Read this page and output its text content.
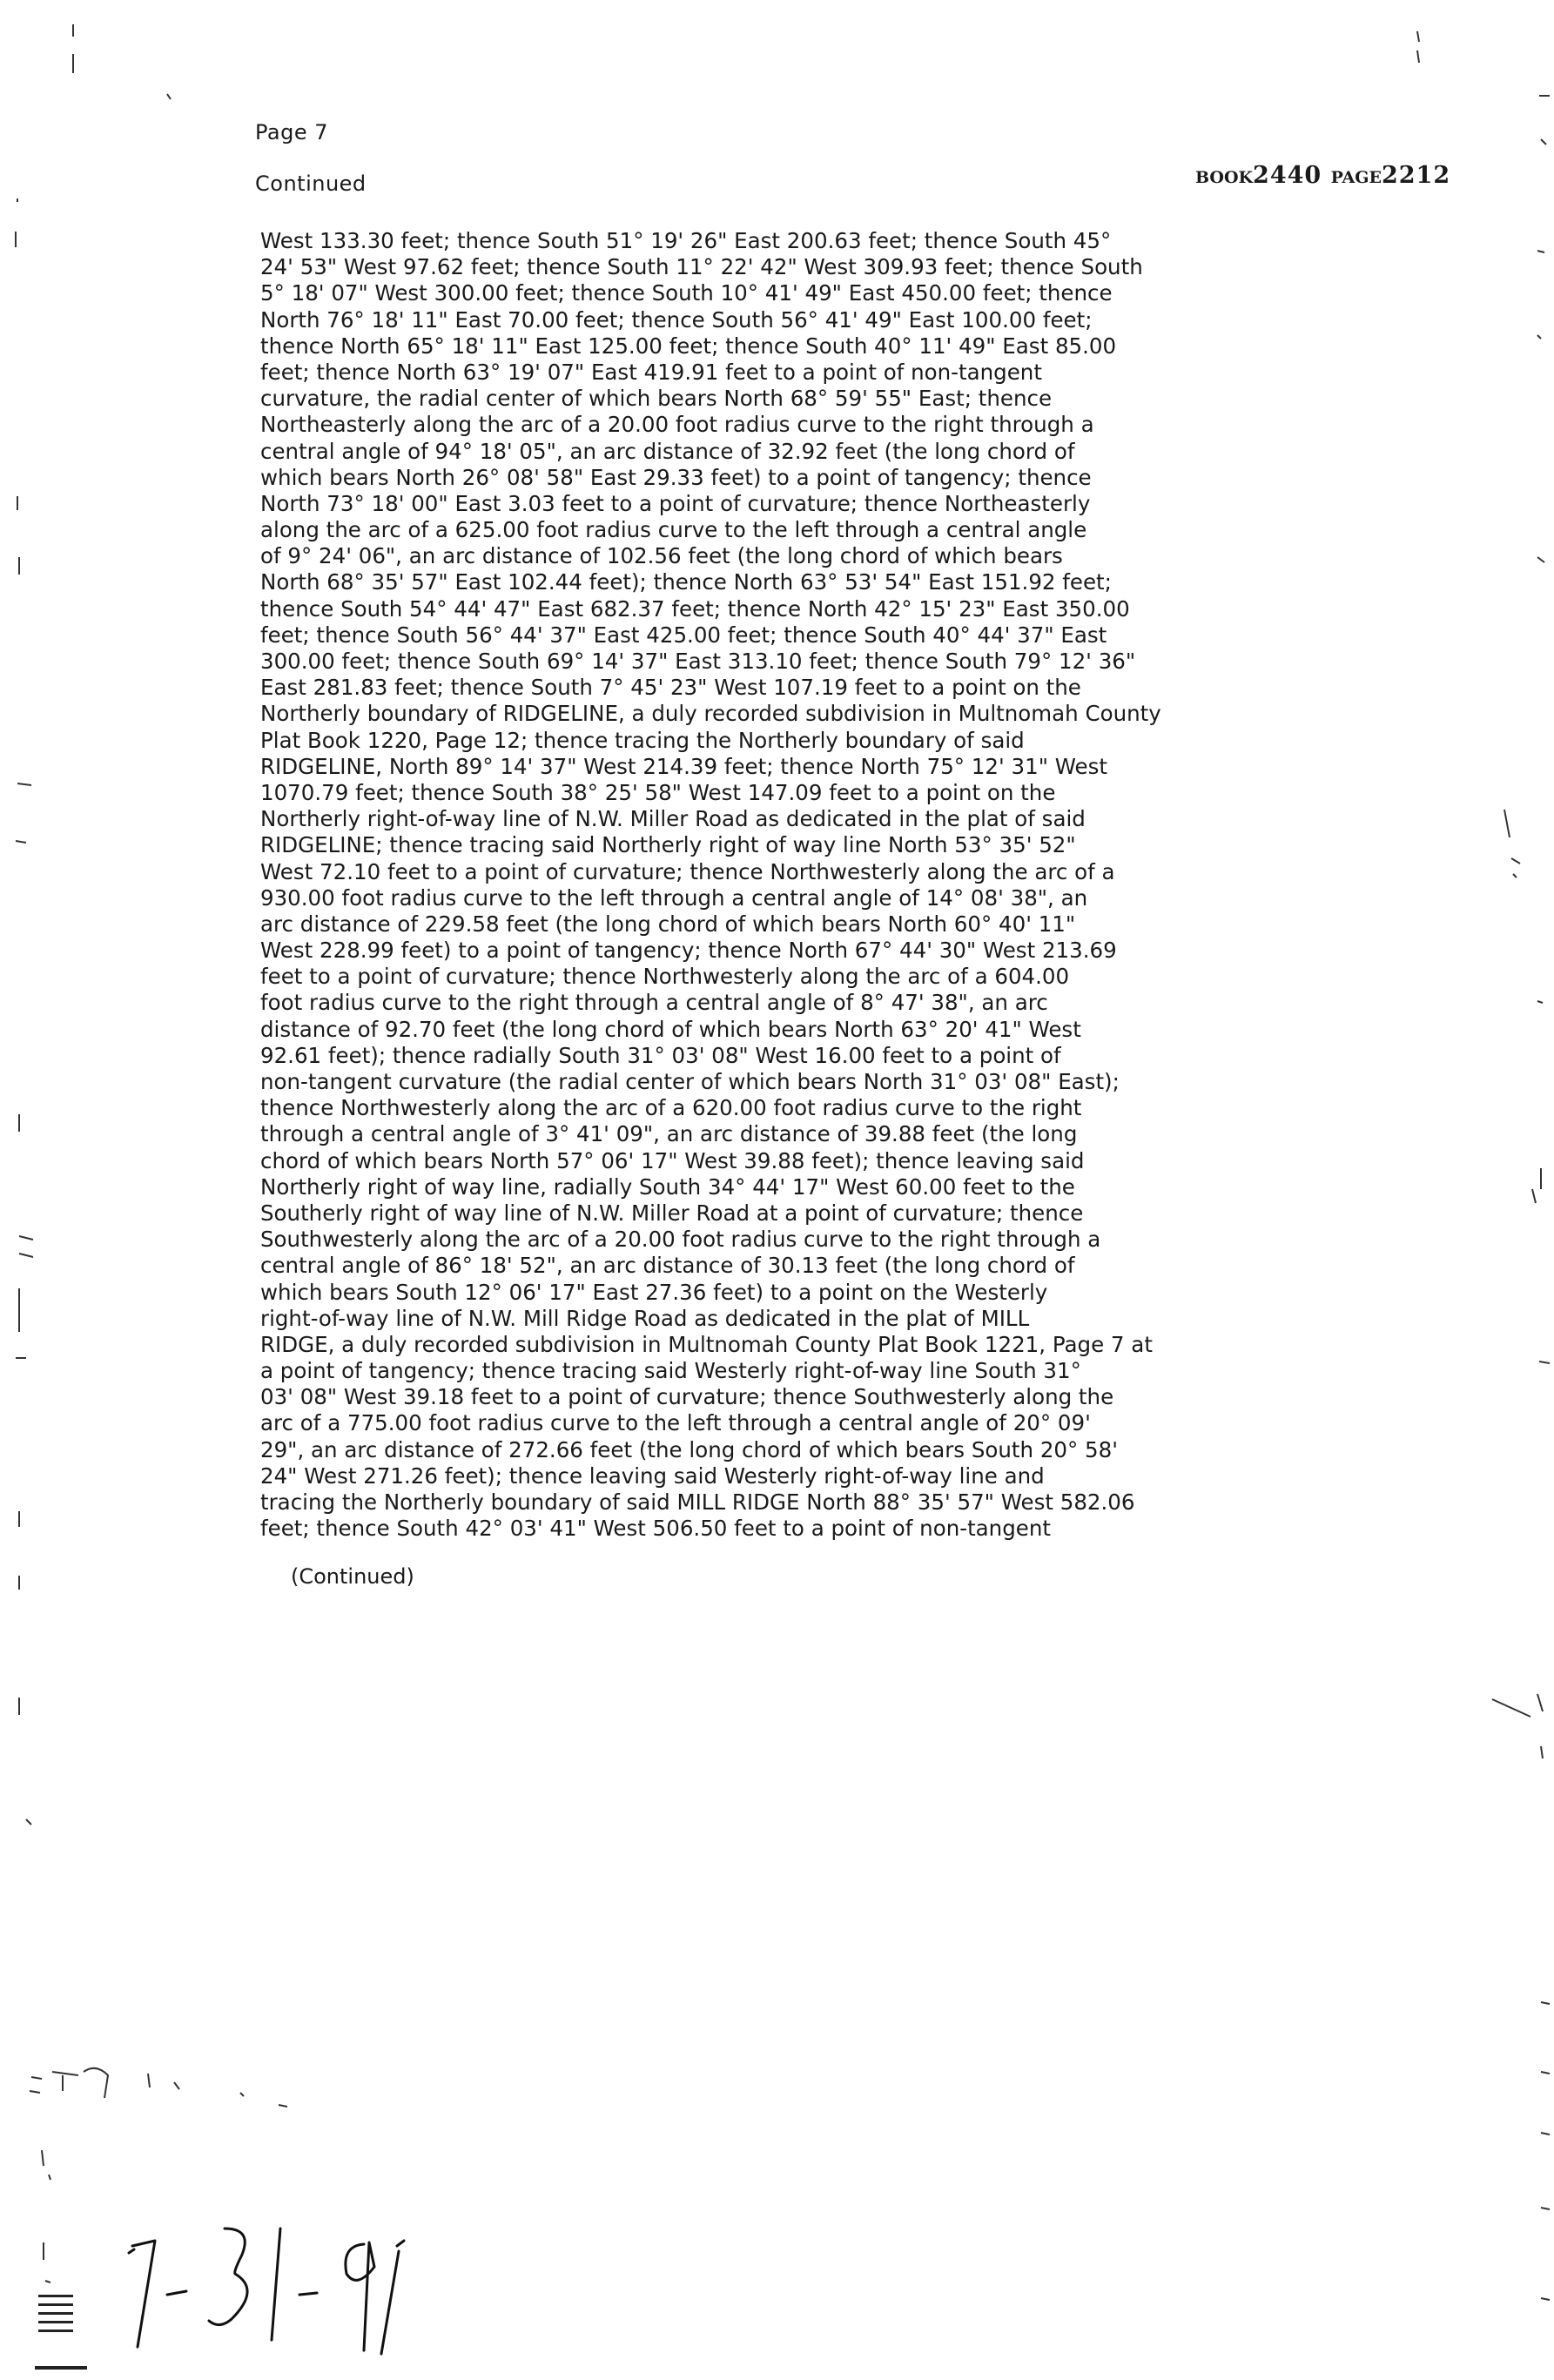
Page 7
Continued	BOOK2440 PAGE2212
West 133.30 feet; thence South 51° 19' 26" East 200.63 feet; thence South 45°
24' 53" West 97.62 feet; thence South 11° 22' 42" West 309.93 feet; thence South
5° 18' 07" West 300.00 feet; thence South 10° 41' 49" East 450.00 feet; thence
North 76° 18' 11" East 70.00 feet; thence South 56° 41' 49" East 100.00 feet;
thence North 65° 18' 11" East 125.00 feet; thence South 40° 11' 49" East 85.00
feet; thence North 63° 19' 07" East 419.91 feet to a point of non-tangent
curvature, the radial center of which bears North 68° 59' 55" East; thence
Northeasterly along the arc of a 20.00 foot radius curve to the right through a
central angle of 94° 18' 05", an arc distance of 32.92 feet (the long chord of
which bears North 26° 08' 58" East 29.33 feet) to a point of tangency; thence
North 73° 18' 00" East 3.03 feet to a point of curvature; thence Northeasterly
along the arc of a 625.00 foot radius curve to the left through a central angle
of 9° 24' 06", an arc distance of 102.56 feet (the long chord of which bears
North 68° 35' 57" East 102.44 feet); thence North 63° 53' 54" East 151.92 feet;
thence South 54° 44' 47" East 682.37 feet; thence North 42° 15' 23" East 350.00
feet; thence South 56° 44' 37" East 425.00 feet; thence South 40° 44' 37" East
300.00 feet; thence South 69° 14' 37" East 313.10 feet; thence South 79° 12' 36"
East 281.83 feet; thence South 7° 45' 23" West 107.19 feet to a point on the
Northerly boundary of RIDGELINE, a duly recorded subdivision in Multnomah County
Plat Book 1220, Page 12; thence tracing the Northerly boundary of said
RIDGELINE, North 89° 14' 37" West 214.39 feet; thence North 75° 12' 31" West
1070.79 feet; thence South 38° 25' 58" West 147.09 feet to a point on the
Northerly right-of-way line of N.W. Miller Road as dedicated in the plat of said
RIDGELINE; thence tracing said Northerly right of way line North 53° 35' 52"
West 72.10 feet to a point of curvature; thence Northwesterly along the arc of a
930.00 foot radius curve to the left through a central angle of 14° 08' 38", an
arc distance of 229.58 feet (the long chord of which bears North 60° 40' 11"
West 228.99 feet) to a point of tangency; thence North 67° 44' 30" West 213.69
feet to a point of curvature; thence Northwesterly along the arc of a 604.00
foot radius curve to the right through a central angle of 8° 47' 38", an arc
distance of 92.70 feet (the long chord of which bears North 63° 20' 41" West
92.61 feet); thence radially South 31° 03' 08" West 16.00 feet to a point of
non-tangent curvature (the radial center of which bears North 31° 03' 08" East);
thence Northwesterly along the arc of a 620.00 foot radius curve to the right
through a central angle of 3° 41' 09", an arc distance of 39.88 feet (the long
chord of which bears North 57° 06' 17" West 39.88 feet); thence leaving said
Northerly right of way line, radially South 34° 44' 17" West 60.00 feet to the
Southerly right of way line of N.W. Miller Road at a point of curvature; thence
Southwesterly along the arc of a 20.00 foot radius curve to the right through a
central angle of 86° 18' 52", an arc distance of 30.13 feet (the long chord of
which bears South 12° 06' 17" East 27.36 feet) to a point on the Westerly
right-of-way line of N.W. Mill Ridge Road as dedicated in the plat of MILL
RIDGE, a duly recorded subdivision in Multnomah County Plat Book 1221, Page 7 at
a point of tangency; thence tracing said Westerly right-of-way line South 31°
03' 08" West 39.18 feet to a point of curvature; thence Southwesterly along the
arc of a 775.00 foot radius curve to the left through a central angle of 20° 09'
29", an arc distance of 272.66 feet (the long chord of which bears South 20° 58'
24" West 271.26 feet); thence leaving said Westerly right-of-way line and
tracing the Northerly boundary of said MILL RIDGE North 88° 35' 57" West 582.06
feet; thence South 42° 03' 41" West 506.50 feet to a point of non-tangent
(Continued)
